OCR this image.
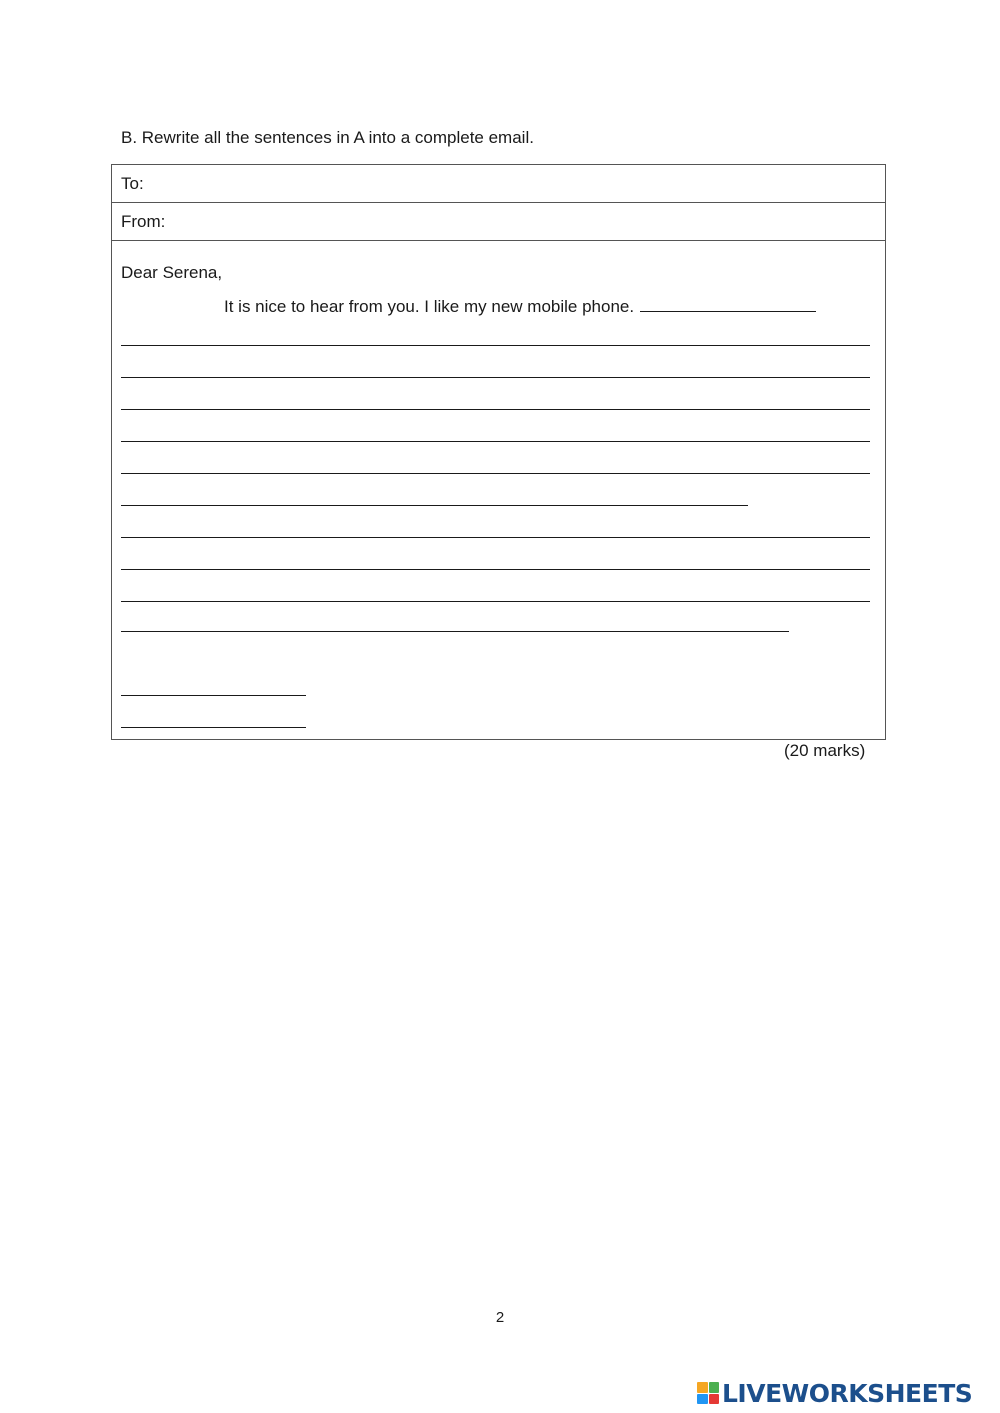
B. Rewrite all the sentences in A into a complete email.
To:
From:
Dear Serena,
It is nice to hear from you. I like my new mobile phone.
(20 marks)
2
LIVEWORKSHEETS
